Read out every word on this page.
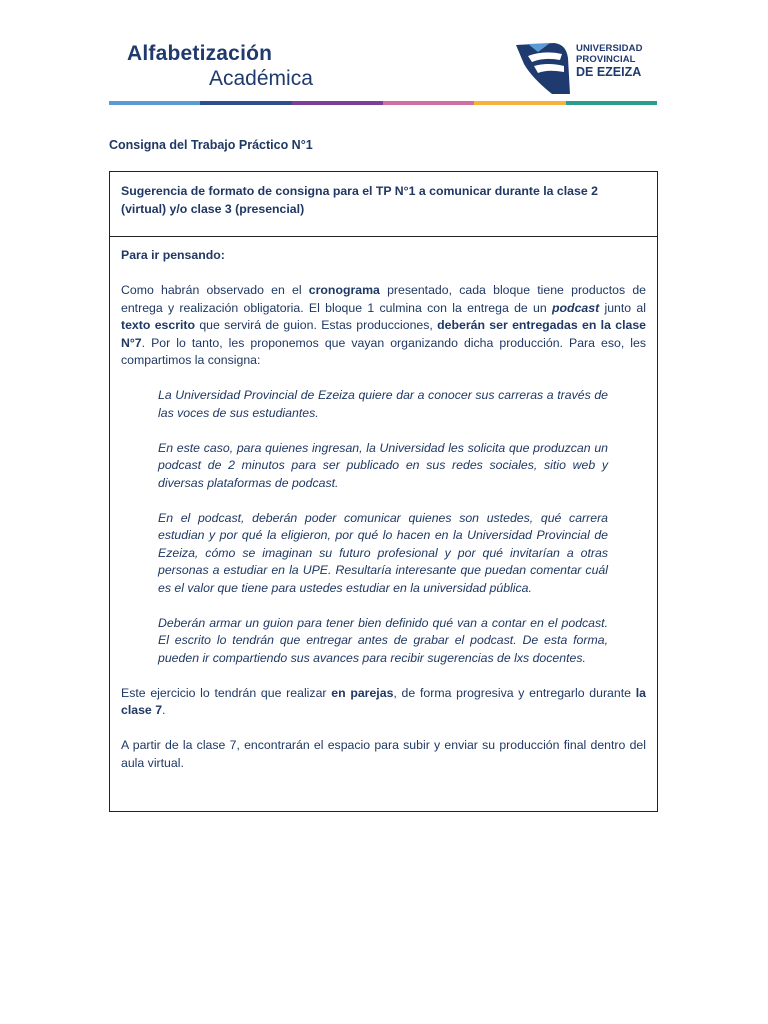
Alfabetización
Académica
UNIVERSIDAD
PROVINCIAL
DE EZEIZA
Consigna del Trabajo Práctico N°1
Sugerencia de formato de consigna para el TP N°1 a comunicar durante la clase 2 (virtual) y/o clase 3 (presencial)

Para ir pensando:

Como habrán observado en el cronograma presentado, cada bloque tiene productos de entrega y realización obligatoria. El bloque 1 culmina con la entrega de un podcast junto al texto escrito que servirá de guion. Estas producciones, deberán ser entregadas en la clase N°7. Por lo tanto, les proponemos que vayan organizando dicha producción. Para eso, les compartimos la consigna:

La Universidad Provincial de Ezeiza quiere dar a conocer sus carreras a través de las voces de sus estudiantes.

En este caso, para quienes ingresan, la Universidad les solicita que produzcan un podcast de 2 minutos para ser publicado en sus redes sociales, sitio web y diversas plataformas de podcast.

En el podcast, deberán poder comunicar quienes son ustedes, qué carrera estudian y por qué la eligieron, por qué lo hacen en la Universidad Provincial de Ezeiza, cómo se imaginan su futuro profesional y por qué invitarían a otras personas a estudiar en la UPE. Resultaría interesante que puedan comentar cuál es el valor que tiene para ustedes estudiar en la universidad pública.

Deberán armar un guion para tener bien definido qué van a contar en el podcast. El escrito lo tendrán que entregar antes de grabar el podcast. De esta forma, pueden ir compartiendo sus avances para recibir sugerencias de lxs docentes.

Este ejercicio lo tendrán que realizar en parejas, de forma progresiva y entregarlo durante la clase 7.

A partir de la clase 7, encontrarán el espacio para subir y enviar su producción final dentro del aula virtual.
